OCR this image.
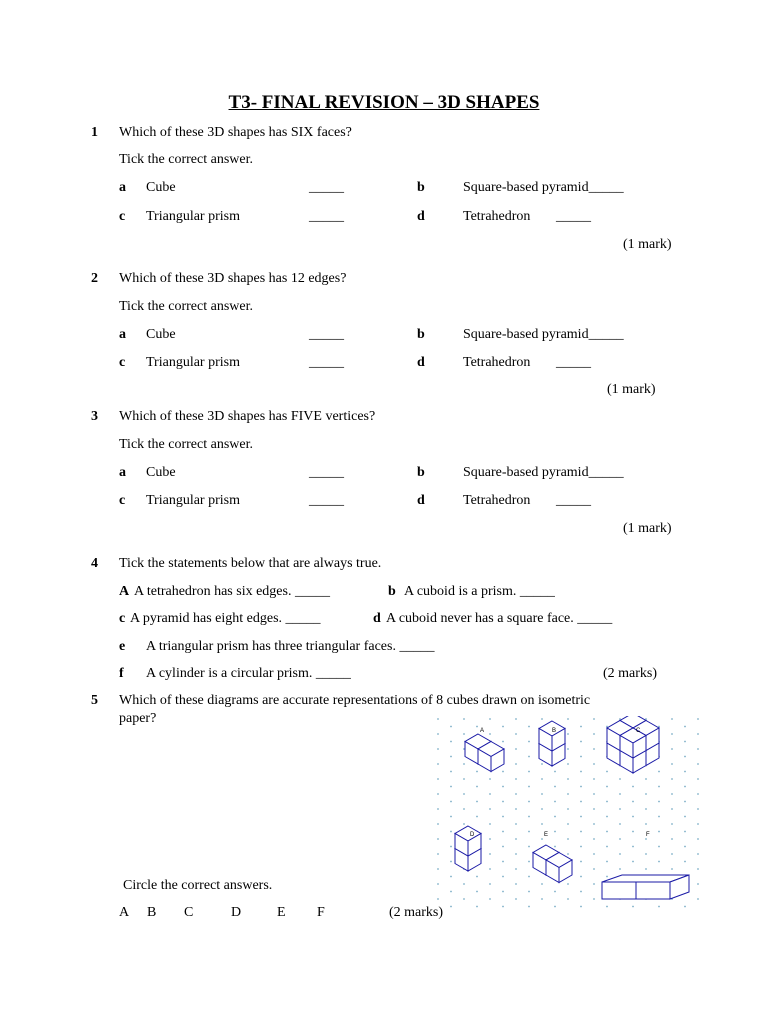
T3- FINAL REVISION – 3D SHAPES
1 Which of these 3D shapes has SIX faces?
Tick the correct answer.
a Cube	_____	b	Square-based pyramid_____
c Triangular prism	_____	d	Tetrahedron _____
(1 mark)
2 Which of these 3D shapes has 12 edges?
Tick the correct answer.
a Cube	_____	b	Square-based pyramid_____
c Triangular prism	_____	d	Tetrahedron _____
(1 mark)
3 Which of these 3D shapes has FIVE vertices?
Tick the correct answer.
a Cube	_____	b	Square-based pyramid_____
c Triangular prism	_____	d	Tetrahedron _____
(1 mark)
4 Tick the statements below that are always true.
A A tetrahedron has six edges. _____	b A cuboid is a prism. _____
c A pyramid has eight edges. _____	d A cuboid never has a square face. _____
e A triangular prism has three triangular faces. _____
f A cylinder is a circular prism. _____	(2 marks)
5 Which of these diagrams are accurate representations of 8 cubes drawn on isometric
paper?
Circle the correct answers.
A B C	D	E F	(2 marks)
A	B	C
D	E	F
